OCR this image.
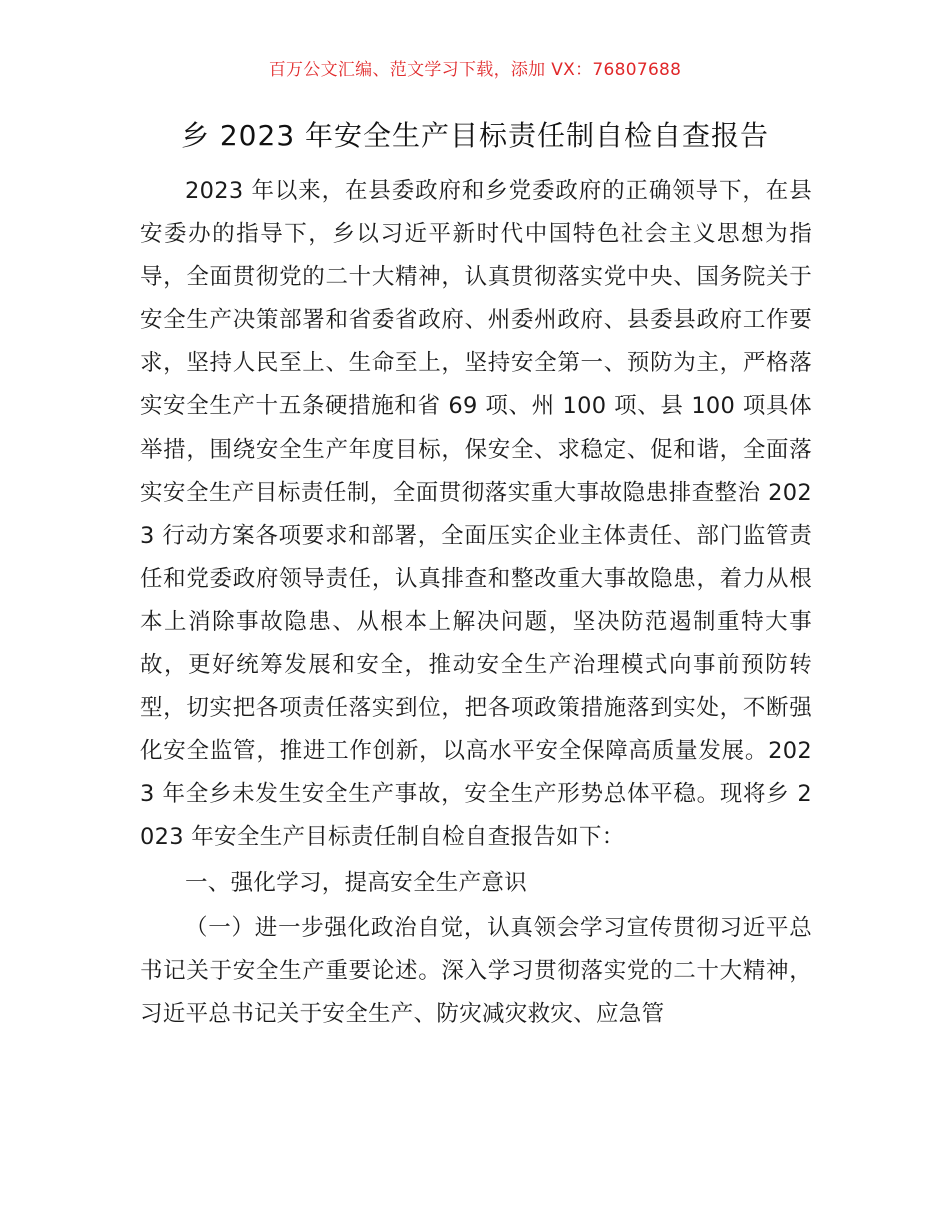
百万公文汇编、范文学习下载，添加 VX：76807688
乡 2023 年安全生产目标责任制自检自查报告

2023 年以来，在县委政府和乡党委政府的正确领导下，在县安委办的指导下，乡以习近平新时代中国特色社会主义思想为指导，全面贯彻党的二十大精神，认真贯彻落实党中央、国务院关于安全生产决策部署和省委省政府、州委州政府、县委县政府工作要求，坚持人民至上、生命至上，坚持安全第一、预防为主，严格落实安全生产十五条硬措施和省 69 项、州 100 项、县 100 项具体举措，围绕安全生产年度目标，保安全、求稳定、促和谐，全面落实安全生产目标责任制，全面贯彻落实重大事故隐患排查整治 2023 行动方案各项要求和部署，全面压实企业主体责任、部门监管责任和党委政府领导责任，认真排查和整改重大事故隐患，着力从根本上消除事故隐患、从根本上解决问题，坚决防范遏制重特大事故，更好统筹发展和安全，推动安全生产治理模式向事前预防转型，切实把各项责任落实到位，把各项政策措施落到实处，不断强化安全监管，推进工作创新，以高水平安全保障高质量发展。2023 年全乡未发生安全生产事故，安全生产形势总体平稳。现将乡 2023 年安全生产目标责任制自检自查报告如下：

一、强化学习，提高安全生产意识

（一）进一步强化政治自觉，认真领会学习宣传贯彻习近平总书记关于安全生产重要论述。深入学习贯彻落实党的二十大精神，习近平总书记关于安全生产、防灾减灾救灾、应急管
